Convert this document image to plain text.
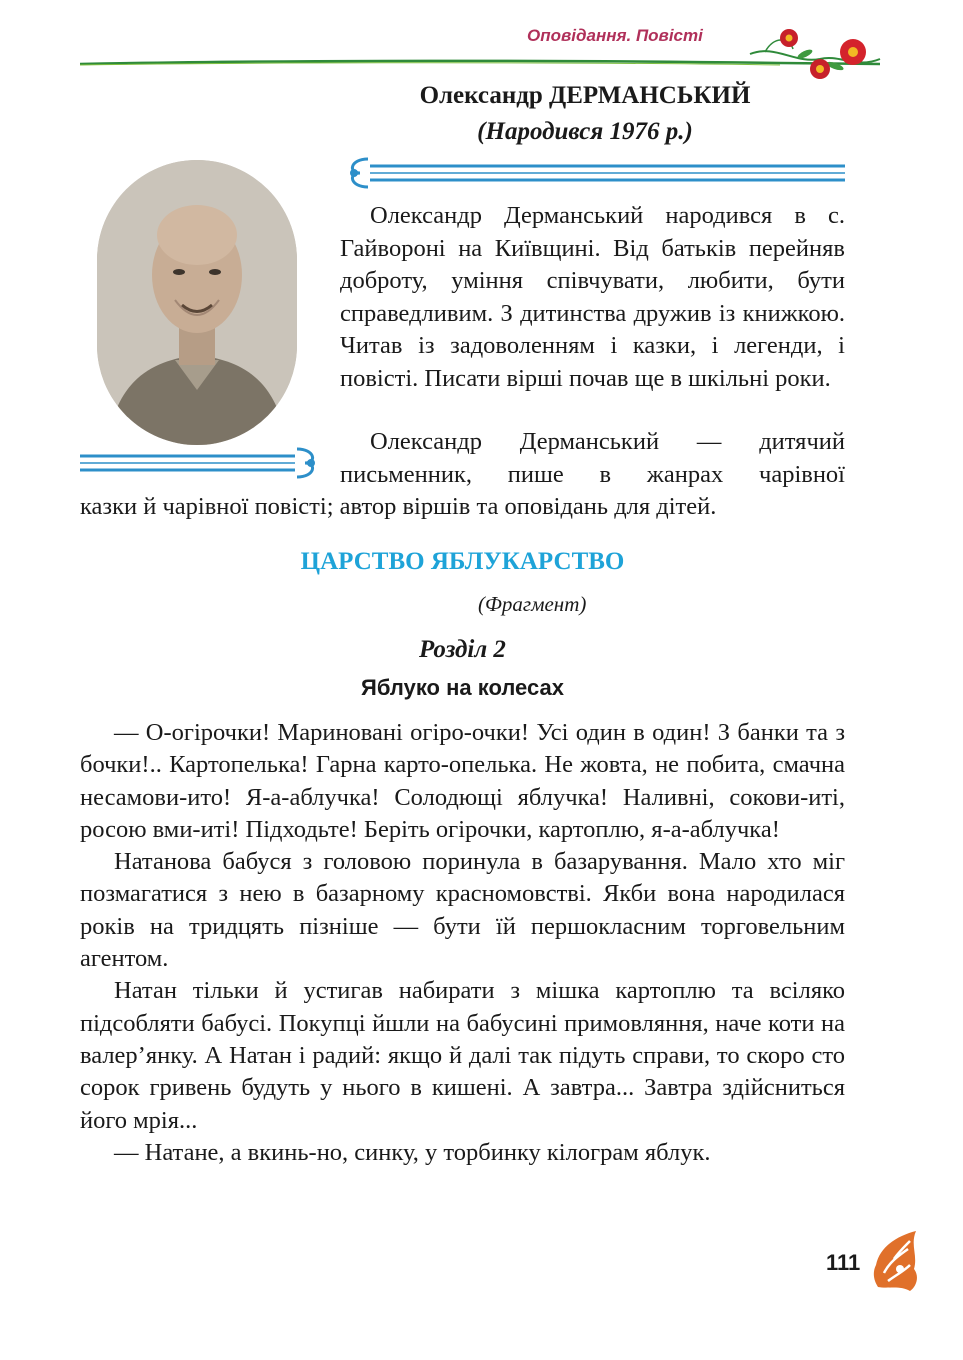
Оповідання. Повісті
Олександр ДЕРМАНСЬКИЙ
(Народився 1976 р.)
Олександр Дерманський народився в с. Гайвороні на Київщині. Від батьків перейняв доброту, уміння співчувати, любити, бути справедливим. З дитинства дружив із книжкою. Читав із задоволенням і казки, і легенди, і повісті. Писати вірші почав ще в шкільні роки.
Олександр Дерманський — дитячий письменник, пише в жанрах чарівної
казки й чарівної повісті; автор віршів та оповідань для дітей.
ЦАРСТВО ЯБЛУКАРСТВО
(Фрагмент)
Розділ 2
Яблуко на колесах

— О-огірочки! Мариновані огіро-очки! Усі один в один! З банки та з бочки!.. Картопелька! Гарна карто-опелька. Не жовта, не побита, смачна несамови-ито! Я-а-аблучка! Солодющі яблучка! Наливні, сокови-иті, росою вми-иті! Підходьте! Беріть огірочки, картоплю, я-а-аблучка!

Натанова бабуся з головою поринула в базарування. Мало хто міг позмагатися з нею в базарному красномовстві. Якби вона народилася років на тридцять пізніше — бути їй першокласним торговельним агентом.

Натан тільки й устигав набирати з мішка картоплю та всіляко підсобляти бабусі. Покупці йшли на бабусині примовляння, наче коти на валер’янку. А Натан і радий: якщо й далі так підуть справи, то скоро сто сорок гривень будуть у нього в кишені. А завтра... Завтра здійсниться його мрія...

— Натане, а вкинь-но, синку, у торбинку кілограм яблук.

111
